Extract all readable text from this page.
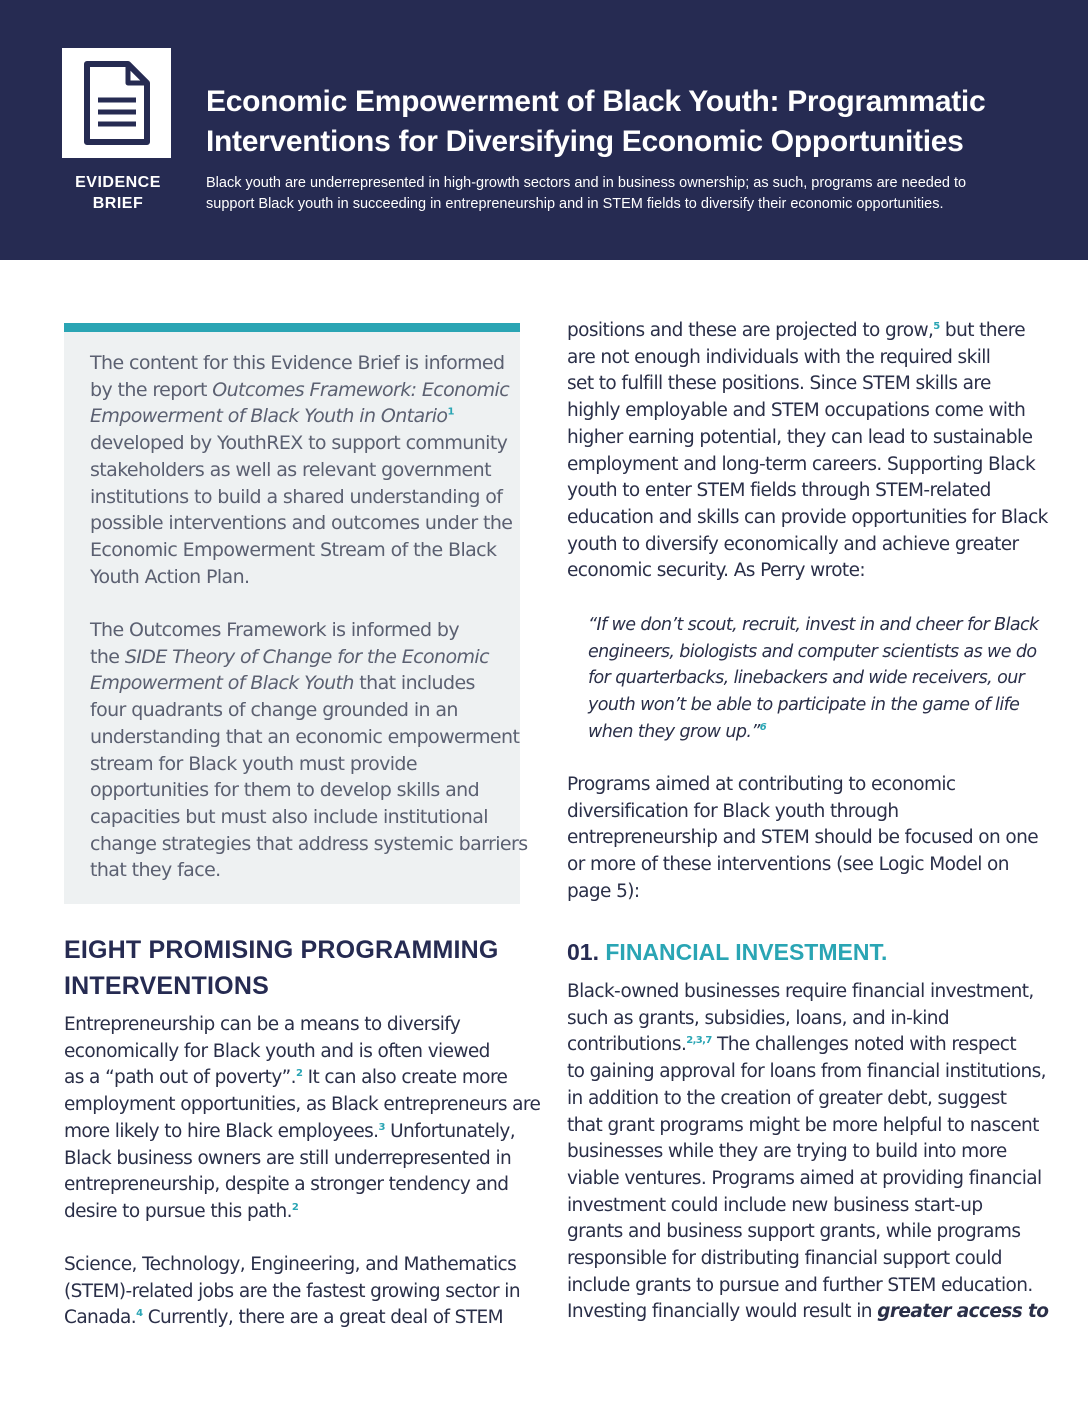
EVIDENCE
BRIEF
Economic Empowerment of Black Youth: Programmatic
Interventions for Diversifying Economic Opportunities

Black youth are underrepresented in high-growth sectors and in business ownership; as such, programs are needed to
support Black youth in succeeding in entrepreneurship and in STEM fields to diversify their economic opportunities.

The content for this Evidence Brief is informed
by the report Outcomes Framework: Economic
Empowerment of Black Youth in Ontario$^1$
developed by YouthREX to support community
stakeholders as well as relevant government
institutions to build a shared understanding of
possible interventions and outcomes under the
Economic Empowerment Stream of the Black
Youth Action Plan.

The Outcomes Framework is informed by
the SIDE Theory of Change for the Economic
Empowerment of Black Youth that includes
four quadrants of change grounded in an
understanding that an economic empowerment
stream for Black youth must provide
opportunities for them to develop skills and
capacities but must also include institutional
change strategies that address systemic barriers
that they face.

EIGHT PROMISING PROGRAMMING
INTERVENTIONS

Entrepreneurship can be a means to diversify
economically for Black youth and is often viewed
as a “path out of poverty”.$^2$ It can also create more
employment opportunities, as Black entrepreneurs are
more likely to hire Black employees.$^3$ Unfortunately,
Black business owners are still underrepresented in
entrepreneurship, despite a stronger tendency and
desire to pursue this path.$^2$

Science, Technology, Engineering, and Mathematics
(STEM)-related jobs are the fastest growing sector in
Canada.$^4$ Currently, there are a great deal of STEM

positions and these are projected to grow,$^5$ but there
are not enough individuals with the required skill
set to fulfill these positions. Since STEM skills are
highly employable and STEM occupations come with
higher earning potential, they can lead to sustainable
employment and long-term careers. Supporting Black
youth to enter STEM fields through STEM-related
education and skills can provide opportunities for Black
youth to diversify economically and achieve greater
economic security. As Perry wrote:

“If we don’t scout, recruit, invest in and cheer for Black
engineers, biologists and computer scientists as we do
for quarterbacks, linebackers and wide receivers, our
youth won’t be able to participate in the game of life
when they grow up.”$^6$

Programs aimed at contributing to economic
diversification for Black youth through
entrepreneurship and STEM should be focused on one
or more of these interventions (see Logic Model on
page 5):

01. FINANCIAL INVESTMENT.

Black-owned businesses require financial investment,
such as grants, subsidies, loans, and in-kind
contributions.$^{2,3,7}$ The challenges noted with respect
to gaining approval for loans from financial institutions,
in addition to the creation of greater debt, suggest
that grant programs might be more helpful to nascent
businesses while they are trying to build into more
viable ventures. Programs aimed at providing financial
investment could include new business start-up
grants and business support grants, while programs
responsible for distributing financial support could
include grants to pursue and further STEM education.
Investing financially would result in greater access to
